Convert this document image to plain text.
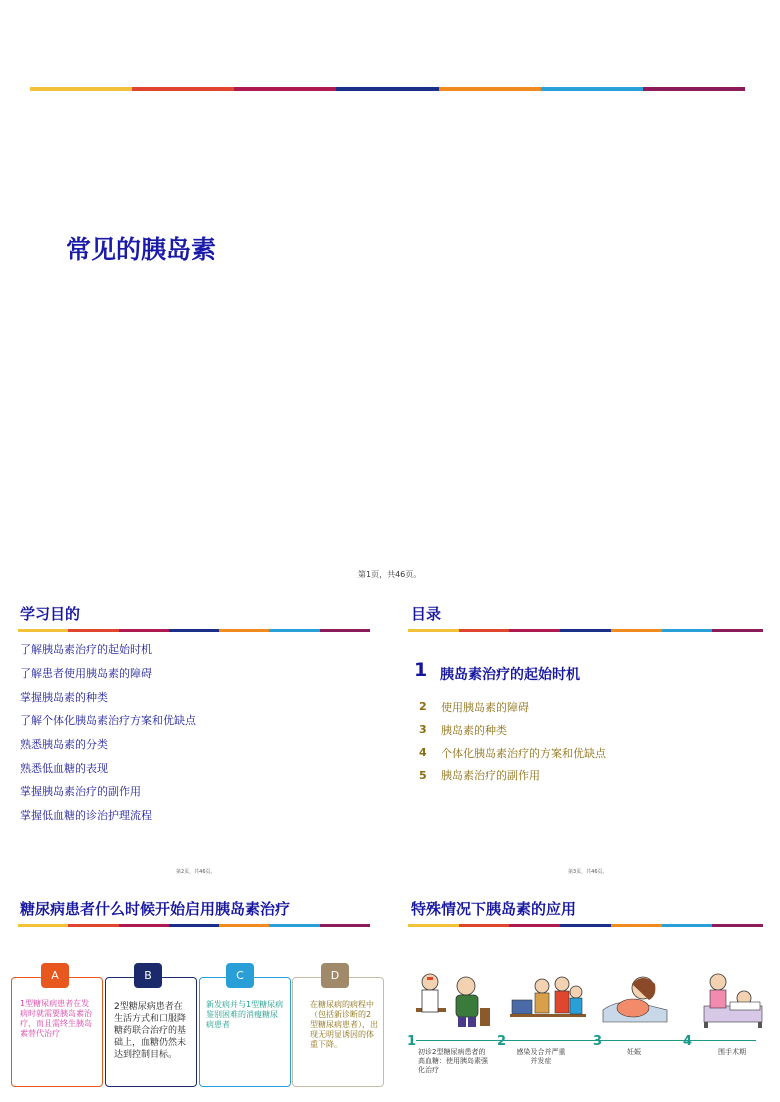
常见的胰岛素
第1页，共46页。
学习目的
了解胰岛素治疗的起始时机
了解患者使用胰岛素的障碍
掌握胰岛素的种类
了解个体化胰岛素治疗方案和优缺点
熟悉胰岛素的分类
熟悉低血糖的表现
掌握胰岛素治疗的副作用
掌握低血糖的诊治护理流程
第2页，共46页。
目录
1 胰岛素治疗的起始时机
2 使用胰岛素的障碍
3 胰岛素的种类
4 个体化胰岛素治疗的方案和优缺点
5 胰岛素治疗的副作用
第3页，共46页。
糖尿病患者什么时候开始启用胰岛素治疗
A
1型糖尿病患者在发病时就需要胰岛素治疗，而且需终生胰岛素替代治疗
B
2型糖尿病患者在生活方式和口服降糖药联合治疗的基础上，血糖仍然未达到控制目标。
C
新发病并与1型糖尿病鉴别困难的消瘦糖尿病患者
D
在糖尿病的病程中（包括新诊断的2型糖尿病患者），出现无明显诱因的体重下降。
特殊情况下胰岛素的应用
1
初诊2型糖尿病患者的高血糖：使用胰岛素强化治疗
2
感染及合并严重并发症
3
妊娠
4
围手术期
